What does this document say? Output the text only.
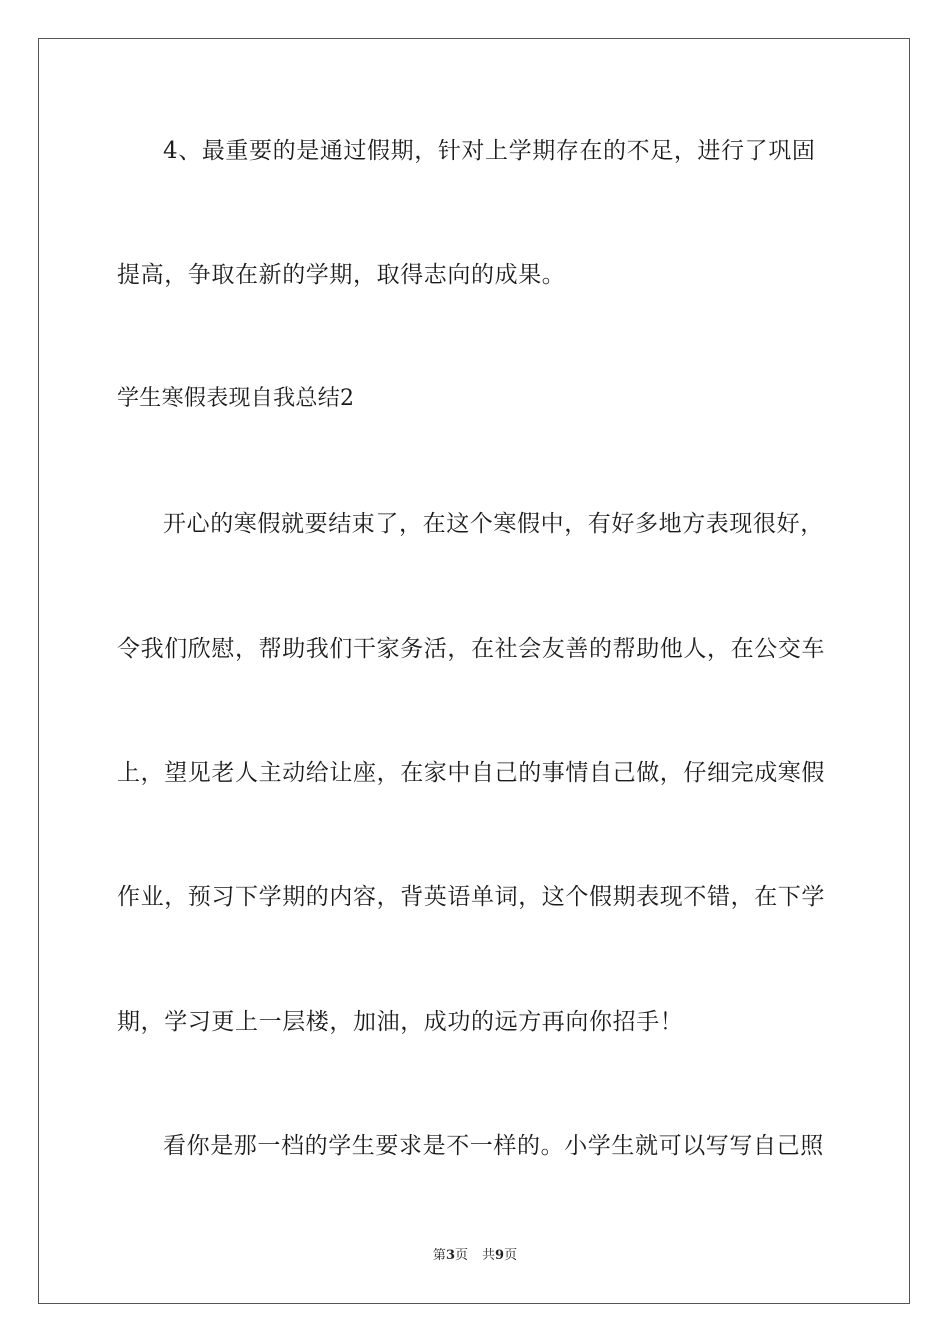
4、最重要的是通过假期，针对上学期存在的不足，进行了巩固
提高，争取在新的学期，取得志向的成果。
学生寒假表现自我总结2
开心的寒假就要结束了，在这个寒假中，有好多地方表现很好，
令我们欣慰，帮助我们干家务活，在社会友善的帮助他人，在公交车
上，望见老人主动给让座，在家中自己的事情自己做，仔细完成寒假
作业，预习下学期的内容，背英语单词，这个假期表现不错，在下学
期，学习更上一层楼，加油，成功的远方再向你招手！
看你是那一档的学生要求是不一样的。小学生就可以写写自己照
第3页 共9页
